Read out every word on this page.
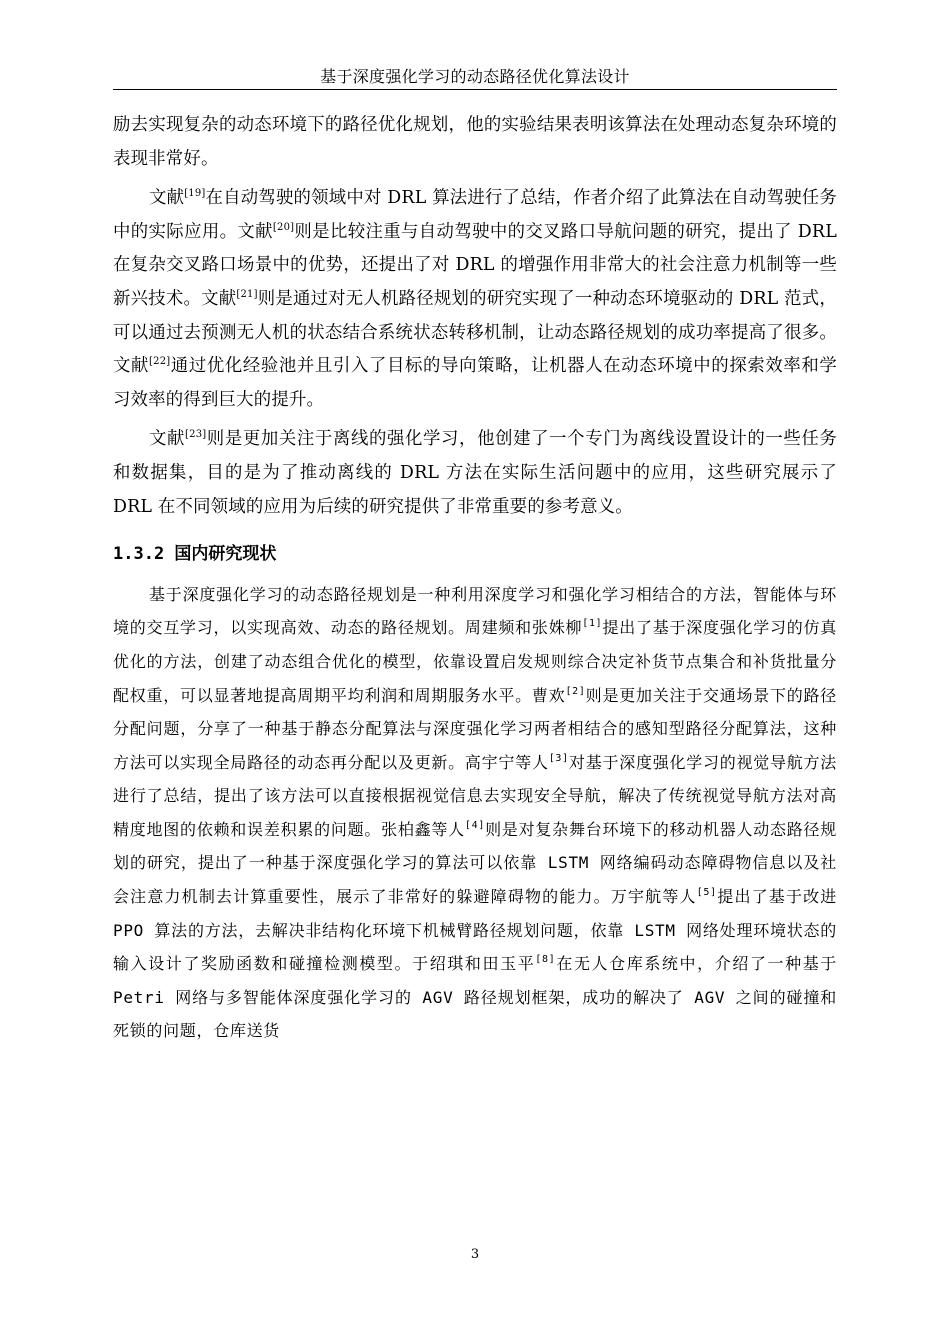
基于深度强化学习的动态路径优化算法设计

励去实现复杂的动态环境下的路径优化规划，他的实验结果表明该算法在处理动态复杂环境的表现非常好。

文献[19]在自动驾驶的领域中对 DRL 算法进行了总结，作者介绍了此算法在自动驾驶任务中的实际应用。文献[20]则是比较注重与自动驾驶中的交叉路口导航问题的研究，提出了 DRL 在复杂交叉路口场景中的优势，还提出了对 DRL 的增强作用非常大的社会注意力机制等一些新兴技术。文献[21]则是通过对无人机路径规划的研究实现了一种动态环境驱动的 DRL 范式，可以通过去预测无人机的状态结合系统状态转移机制，让动态路径规划的成功率提高了很多。文献[22]通过优化经验池并且引入了目标的导向策略，让机器人在动态环境中的探索效率和学习效率的得到巨大的提升。

文献[23]则是更加关注于离线的强化学习，他创建了一个专门为离线设置设计的一些任务和数据集，目的是为了推动离线的 DRL 方法在实际生活问题中的应用，这些研究展示了 DRL 在不同领域的应用为后续的研究提供了非常重要的参考意义。

1.3.2 国内研究现状

基于深度强化学习的动态路径规划是一种利用深度学习和强化学习相结合的方法，智能体与环境的交互学习，以实现高效、动态的路径规划。周建频和张姝柳[1]提出了基于深度强化学习的仿真优化的方法，创建了动态组合优化的模型，依靠设置启发规则综合决定补货节点集合和补货批量分配权重，可以显著地提高周期平均利润和周期服务水平。曹欢[2]则是更加关注于交通场景下的路径分配问题，分享了一种基于静态分配算法与深度强化学习两者相结合的感知型路径分配算法，这种方法可以实现全局路径的动态再分配以及更新。高宇宁等人[3]对基于深度强化学习的视觉导航方法进行了总结，提出了该方法可以直接根据视觉信息去实现安全导航，解决了传统视觉导航方法对高精度地图的依赖和误差积累的问题。张柏鑫等人[4]则是对复杂舞台环境下的移动机器人动态路径规划的研究，提出了一种基于深度强化学习的算法可以依靠 LSTM 网络编码动态障碍物信息以及社会注意力机制去计算重要性，展示了非常好的躲避障碍物的能力。万宇航等人[5]提出了基于改进 PPO 算法的方法，去解决非结构化环境下机械臂路径规划问题，依靠 LSTM 网络处理环境状态的输入设计了奖励函数和碰撞检测模型。于绍琪和田玉平[8]在无人仓库系统中，介绍了一种基于 Petri 网络与多智能体深度强化学习的 AGV 路径规划框架，成功的解决了 AGV 之间的碰撞和死锁的问题，仓库送货

3
